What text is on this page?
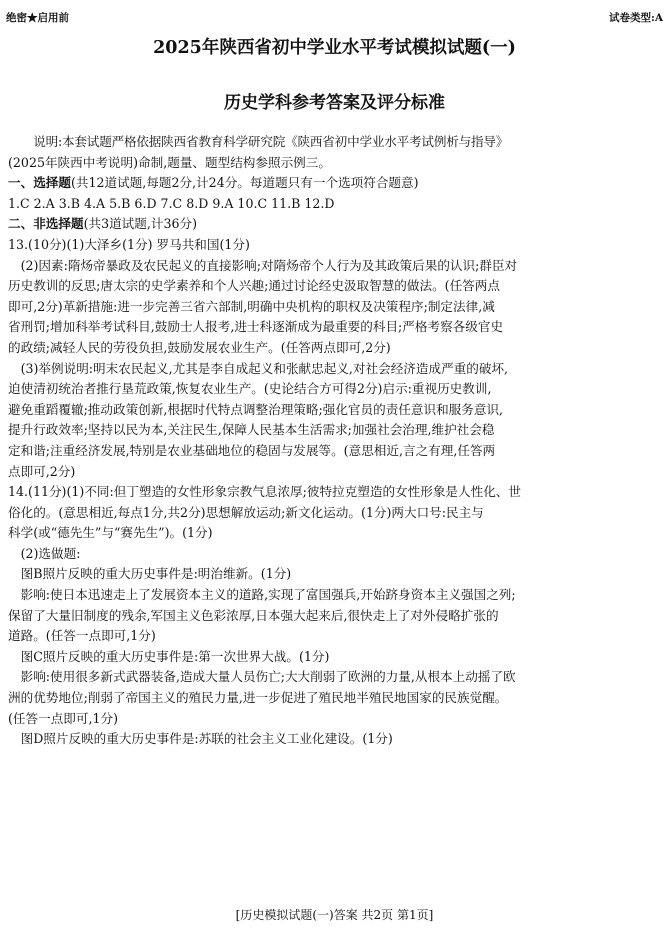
绝密★启用前	试卷类型:A
2025年陕西省初中学业水平考试模拟试题(一)
历史学科参考答案及评分标准

说明:本套试题严格依据陕西省教育科学研究院《陕西省初中学业水平考试例析与指导》

(2025年陕西中考说明)命制,题量、题型结构参照示例三。

一、选择题(共12道试题,每题2分,计24分。每道题只有一个选项符合题意)

1.C 2.A 3.B 4.A 5.B 6.D 7.C 8.D 9.A 10.C 11.B 12.D

二、非选择题(共3道试题,计36分)

13.(10分)(1)大泽乡(1分) 罗马共和国(1分)

(2)因素:隋炀帝暴政及农民起义的直接影响;对隋炀帝个人行为及其政策后果的认识;群臣对

历史教训的反思;唐太宗的史学素养和个人兴趣;通过讨论经史汲取智慧的做法。(任答两点

即可,2分)革新措施:进一步完善三省六部制,明确中央机构的职权及决策程序;制定法律,减

省刑罚;增加科举考试科目,鼓励士人报考,进士科逐渐成为最重要的科目;严格考察各级官史

的政绩;减轻人民的劳役负担,鼓励发展农业生产。(任答两点即可,2分)

(3)举例说明:明末农民起义,尤其是李自成起义和张献忠起义,对社会经济造成严重的破坏,

迫使清初统治者推行垦荒政策,恢复农业生产。(史论结合方可得2分)启示:重视历史教训,

避免重蹈覆辙;推动政策创新,根据时代特点调整治理策略;强化官员的责任意识和服务意识,

提升行政效率;坚持以民为本,关注民生,保障人民基本生活需求;加强社会治理,维护社会稳

定和谐;注重经济发展,特别是农业基础地位的稳固与发展等。(意思相近,言之有理,任答两

点即可,2分)

14.(11分)(1)不同:但丁塑造的女性形象宗教气息浓厚;彼特拉克塑造的女性形象是人性化、世

俗化的。(意思相近,每点1分,共2分)思想解放运动;新文化运动。(1分)两大口号:民主与

科学(或“德先生”与“赛先生”)。(1分)

(2)选做题:

图B照片反映的重大历史事件是:明治维新。(1分)

影响:使日本迅速走上了发展资本主义的道路,实现了富国强兵,开始跻身资本主义强国之列;

保留了大量旧制度的残余,军国主义色彩浓厚,日本强大起来后,很快走上了对外侵略扩张的

道路。(任答一点即可,1分)

图C照片反映的重大历史事件是:第一次世界大战。(1分)

影响:使用很多新式武器装备,造成大量人员伤亡;大大削弱了欧洲的力量,从根本上动摇了欧

洲的优势地位;削弱了帝国主义的殖民力量,进一步促进了殖民地半殖民地国家的民族觉醒。

(任答一点即可,1分)

图D照片反映的重大历史事件是:苏联的社会主义工业化建设。(1分)

[历史模拟试题(一)答案 共2页 第1页]
